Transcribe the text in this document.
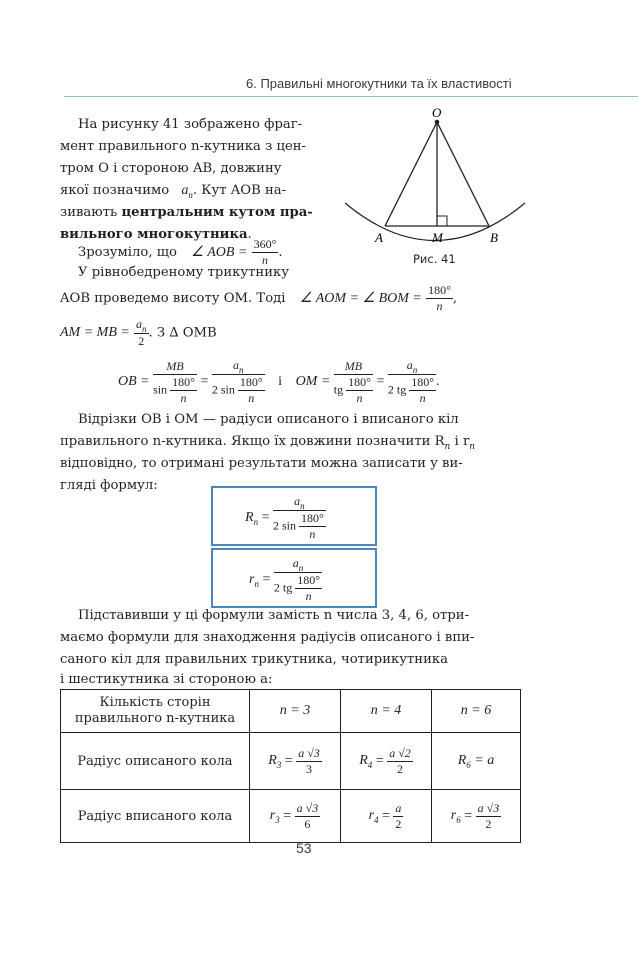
6. Правильні многокутники та їх властивості
На рисунку 41 зображено фраг-
мент правильного n-кутника з цен-
тром O і стороною AB, довжину
якої позначимо $a_n$. Кут AOB на-
зивають центральним кутом пра-
вильного многокутника.
Зрозуміло, що ∠ AOB = $\frac{360^\circ}{n}$ .
У рівнобедреному трикутнику
AOB проведемо висоту OM. Тоді ∠ AOM = ∠ BOM = $\frac{180^\circ}{n}$ ,
AM = MB = $\frac{a_n}{2}$ . З ∆ OMB
OB = $\frac{MB}{\sin \frac{180^\circ}{n}} = \frac{a_n}{2 \sin \frac{180^\circ}{n}}$ і OM = $\frac{MB}{tg \frac{180^\circ}{n}} = \frac{a_n}{2 tg \frac{180^\circ}{n}}$ .
Відрізки OB і OM — радіуси описаного і вписаного кіл
правильного n-кутника. Якщо їх довжини позначити $R_n$ і $r_n$
відповідно, то отримані результати можна записати у ви-
гляді формул:
$R_n = \frac{a_n}{2 \sin \frac{180^\circ}{n}}$
$r_n = \frac{a_n}{2 tg \frac{180^\circ}{n}}$
Підставивши у ці формули замість n числа 3, 4, 6, отри-
маємо формули для знаходження радіусів описаного і впи-
саного кіл для правильних трикутника, чотирикутника
і шестикутника зі стороною a:
O
A	M	B
Рис. 41
Кількість сторін правильного n-кутника	n = 3	n = 4	n = 6
Радіус описаного кола	$R_3 = \frac{a √3}{3}$	$R_4 = \frac{a √2}{2}$	$R_6 = a$
Радіус вписаного кола	$r_3 = \frac{a √3}{6}$	$r_4 = \frac{a}{2}$	$r_6 = \frac{a √3}{2}$
53
